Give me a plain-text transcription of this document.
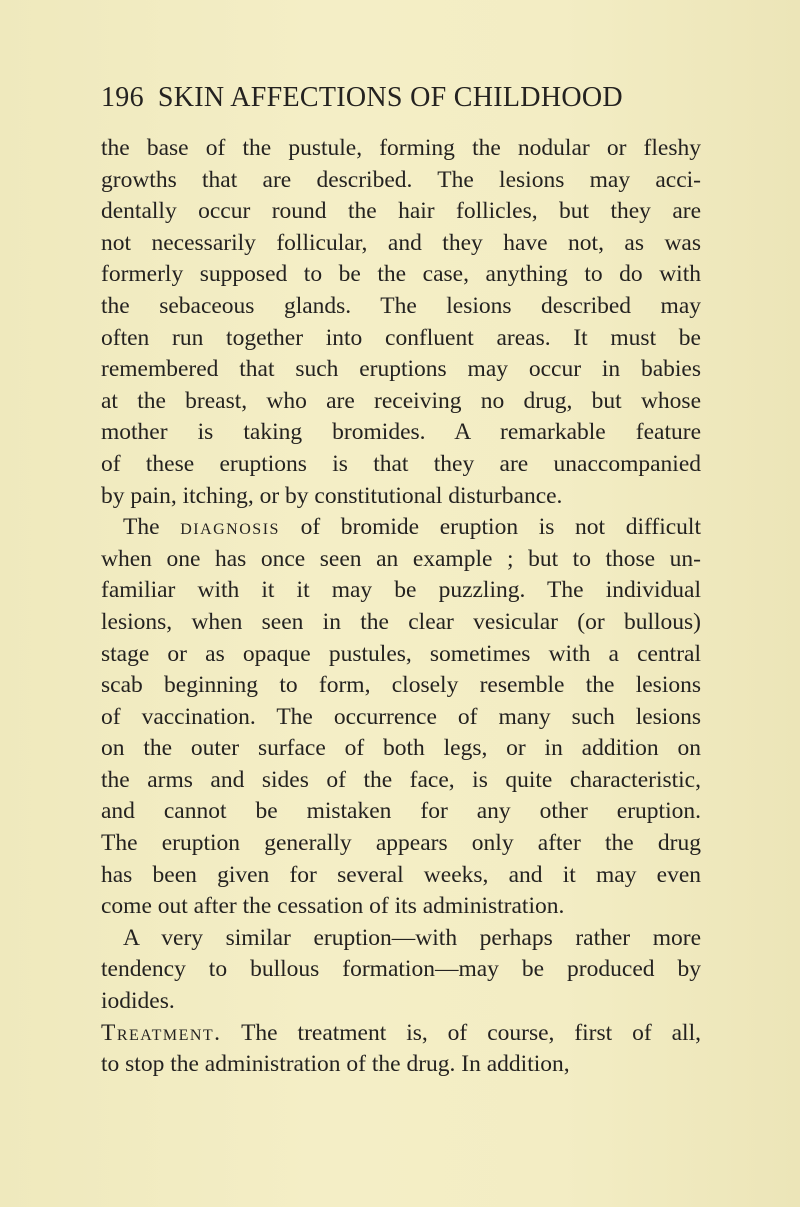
196 SKIN AFFECTIONS OF CHILDHOOD
the base of the pustule, forming the nodular or fleshy
growths that are described. The lesions may acci-
dentally occur round the hair follicles, but they are
not necessarily follicular, and they have not, as was
formerly supposed to be the case, anything to do with
the sebaceous glands. The lesions described may
often run together into confluent areas. It must be
remembered that such eruptions may occur in babies
at the breast, who are receiving no drug, but whose
mother is taking bromides. A remarkable feature
of these eruptions is that they are unaccompanied
by pain, itching, or by constitutional disturbance.
The diagnosis of bromide eruption is not difficult
when one has once seen an example ; but to those un-
familiar with it it may be puzzling. The individual
lesions, when seen in the clear vesicular (or bullous)
stage or as opaque pustules, sometimes with a central
scab beginning to form, closely resemble the lesions
of vaccination. The occurrence of many such lesions
on the outer surface of both legs, or in addition on
the arms and sides of the face, is quite characteristic,
and cannot be mistaken for any other eruption.
The eruption generally appears only after the drug
has been given for several weeks, and it may even
come out after the cessation of its administration.
A very similar eruption—with perhaps rather more
tendency to bullous formation—may be produced by
iodides.
Treatment. The treatment is, of course, first of all,
to stop the administration of the drug. In addition,
